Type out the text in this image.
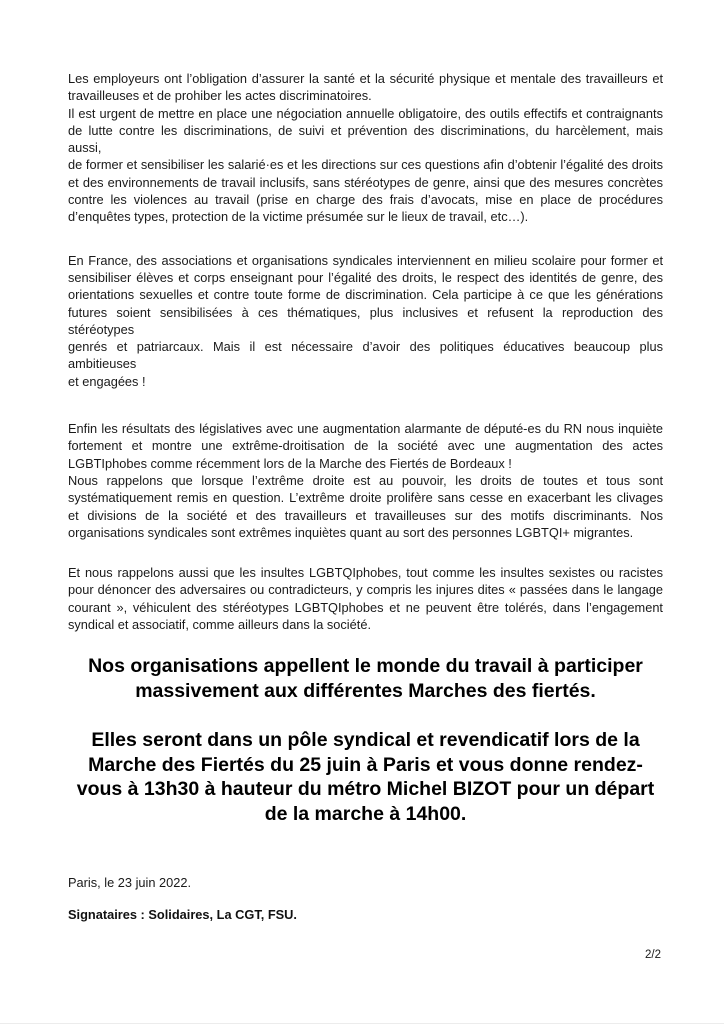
Les employeurs ont l’obligation d’assurer la santé et la sécurité physique et mentale des travailleurs et
travailleuses et de prohiber les actes discriminatoires.
Il est urgent de mettre en place une négociation annuelle obligatoire, des outils effectifs et contraignants
de lutte contre les discriminations, de suivi et prévention des discriminations, du harcèlement, mais aussi,
de former et sensibiliser les salarié·es et les directions sur ces questions afin d’obtenir l’égalité des droits
et des environnements de travail inclusifs, sans stéréotypes de genre, ainsi que des mesures concrètes
contre les violences au travail (prise en charge des frais d’avocats, mise en place de procédures
d’enquêtes types, protection de la victime présumée sur le lieux de travail, etc…).
En France, des associations et organisations syndicales interviennent en milieu scolaire pour former et
sensibiliser élèves et corps enseignant pour l’égalité des droits, le respect des identités de genre, des
orientations sexuelles et contre toute forme de discrimination. Cela participe à ce que les générations
futures soient sensibilisées à ces thématiques, plus inclusives et refusent la reproduction des stéréotypes
genrés et patriarcaux. Mais il est nécessaire d’avoir des politiques éducatives beaucoup plus ambitieuses
et engagées !
Enfin les résultats des législatives avec une augmentation alarmante de député-es du RN nous inquiète
fortement et montre une extrême-droitisation de la société avec une augmentation des actes
LGBTIphobes comme récemment lors de la Marche des Fiertés de Bordeaux !
Nous rappelons que lorsque l’extrême droite est au pouvoir, les droits de toutes et tous sont
systématiquement remis en question. L’extrême droite prolifère sans cesse en exacerbant les clivages
et divisions de la société et des travailleurs et travailleuses sur des motifs discriminants. Nos
organisations syndicales sont extrêmes inquiètes quant au sort des personnes LGBTQI+ migrantes.
Et nous rappelons aussi que les insultes LGBTQIphobes, tout comme les insultes sexistes ou racistes
pour dénoncer des adversaires ou contradicteurs, y compris les injures dites « passées dans le langage
courant », véhiculent des stéréotypes LGBTQIphobes et ne peuvent être tolérés, dans l’engagement
syndical et associatif, comme ailleurs dans la société.
Nos organisations appellent le monde du travail à participer
massivement aux différentes Marches des fiertés.
Elles seront dans un pôle syndical et revendicatif lors de la
Marche des Fiertés du 25 juin à Paris et vous donne rendez-
vous à 13h30 à hauteur du métro Michel BIZOT pour un départ
de la marche à 14h00.
Paris, le 23 juin 2022.
Signataires : Solidaires, La CGT, FSU.
2/2
